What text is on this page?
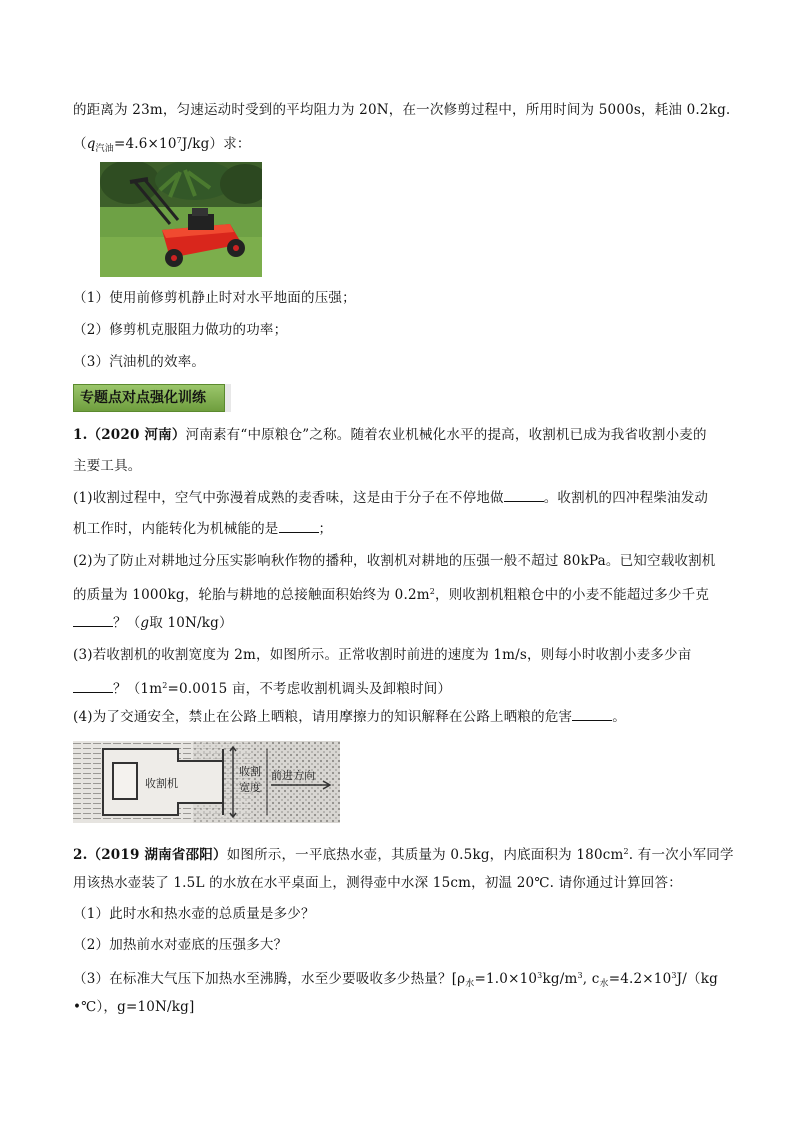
的距离为 23m，匀速运动时受到的平均阻力为 20N，在一次修剪过程中，所用时间为 5000s，耗油 0.2kg.
$(q_{汽油}=4.6\times 10^7J/kg)$求：
（1）使用前修剪机静止时对水平地面的压强；
（2）修剪机克服阻力做功的功率；
（3）汽油机的效率。
专题点对点强化训练
1.（2020 河南）河南素有“中原粮仓”之称。随着农业机械化水平的提高，收割机已成为我省收割小麦的
主要工具。
(1)收割过程中，空气中弥漫着成熟的麦香味，这是由于分子在不停地做	。收割机的四冲程柴油发动
机工作时，内能转化为机械能的是	；
(2)为了防止对耕地过分压实影响秋作物的播种，收割机对耕地的压强一般不超过 80kPa。已知空载收割机
的质量为 1000kg，轮胎与耕地的总接触面积始终为 $0.2m^2$，则收割机粗粮仓中的小麦不能超过多少千克
？（g取 10N/kg）
(3)若收割机的收割宽度为 2m，如图所示。正常收割时前进的速度为 1m/s，则每小时收割小麦多少亩
？（$1m^2=0.0015$ 亩，不考虑收割机调头及卸粮时间）
(4)为了交通安全，禁止在公路上晒粮，请用摩擦力的知识解释在公路上晒粮的危害	。
收割机
收割
宽度
前进方向
2.（2019 湖南省邵阳）如图所示，一平底热水壶，其质量为 0.5kg，内底面积为 $180cm^2$. 有一次小军同学
用该热水壶装了 1.5L 的水放在水平桌面上，测得壶中水深 15cm，初温 20℃. 请你通过计算回答：
（1）此时水和热水壶的总质量是多少？
（2）加热前水对壶底的压强多大？
（3）在标准大气压下加热水至沸腾，水至少要吸收多少热量？[$\rho_水=1.0\times 10^3kg/m^3$, $c_水=4.2\times 10^3J/(kg$
•℃），g=10N/kg]
